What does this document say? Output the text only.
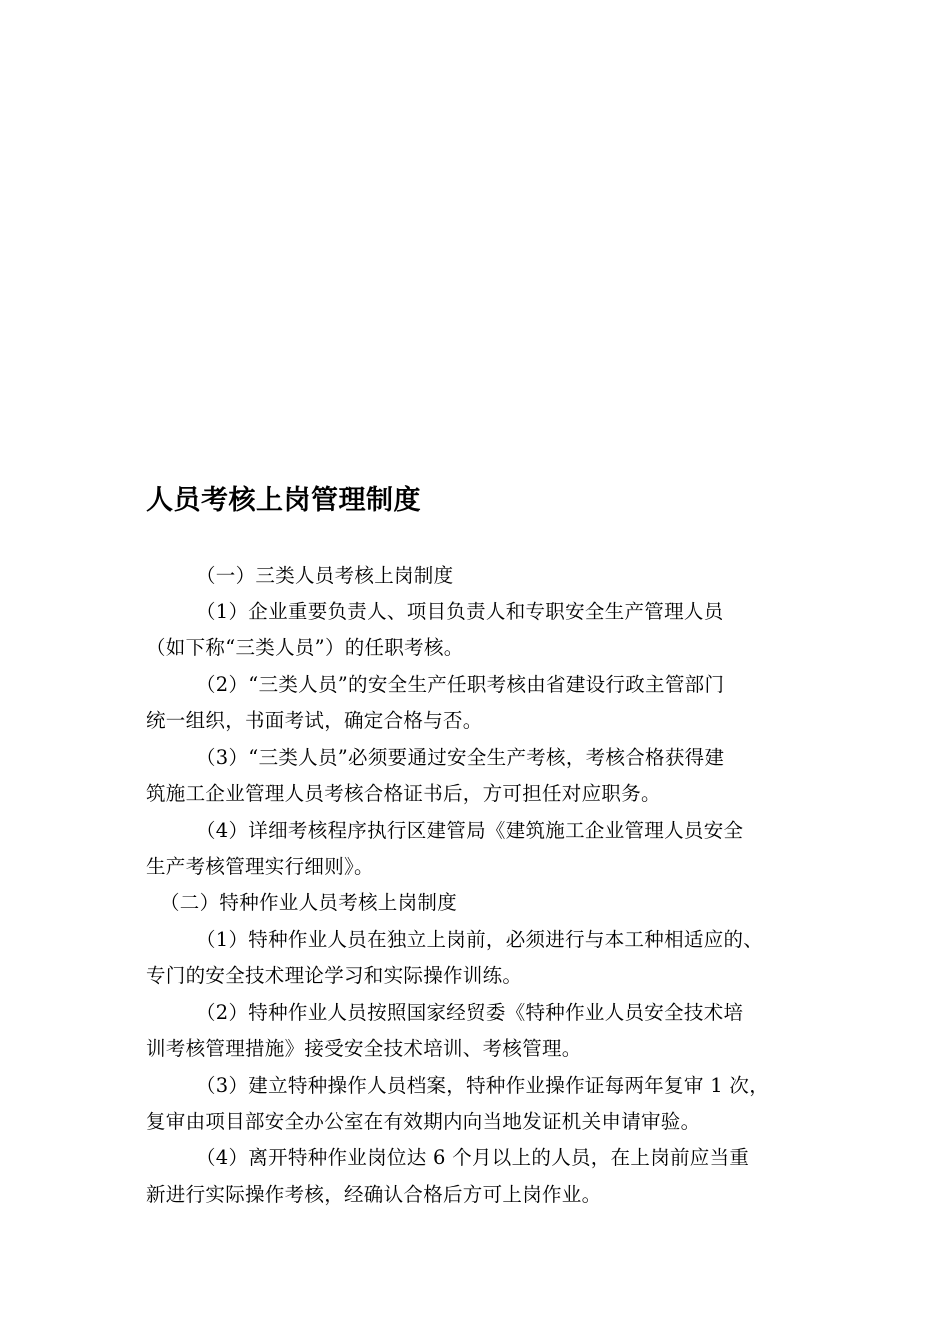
人员考核上岗管理制度
（一）三类人员考核上岗制度
（1）企业重要负责人、项目负责人和专职安全生产管理人员
（如下称“三类人员”）的任职考核。
（2）“三类人员”的安全生产任职考核由省建设行政主管部门
统一组织，书面考试，确定合格与否。
（3）“三类人员”必须要通过安全生产考核，考核合格获得建
筑施工企业管理人员考核合格证书后，方可担任对应职务。
（4）详细考核程序执行区建管局《建筑施工企业管理人员安全
生产考核管理实行细则》。
（二）特种作业人员考核上岗制度
（1）特种作业人员在独立上岗前，必须进行与本工种相适应的、
专门的安全技术理论学习和实际操作训练。
（2）特种作业人员按照国家经贸委《特种作业人员安全技术培
训考核管理措施》接受安全技术培训、考核管理。
（3）建立特种操作人员档案，特种作业操作证每两年复审 1 次，
复审由项目部安全办公室在有效期内向当地发证机关申请审验。
（4）离开特种作业岗位达 6 个月以上的人员，在上岗前应当重
新进行实际操作考核，经确认合格后方可上岗作业。
